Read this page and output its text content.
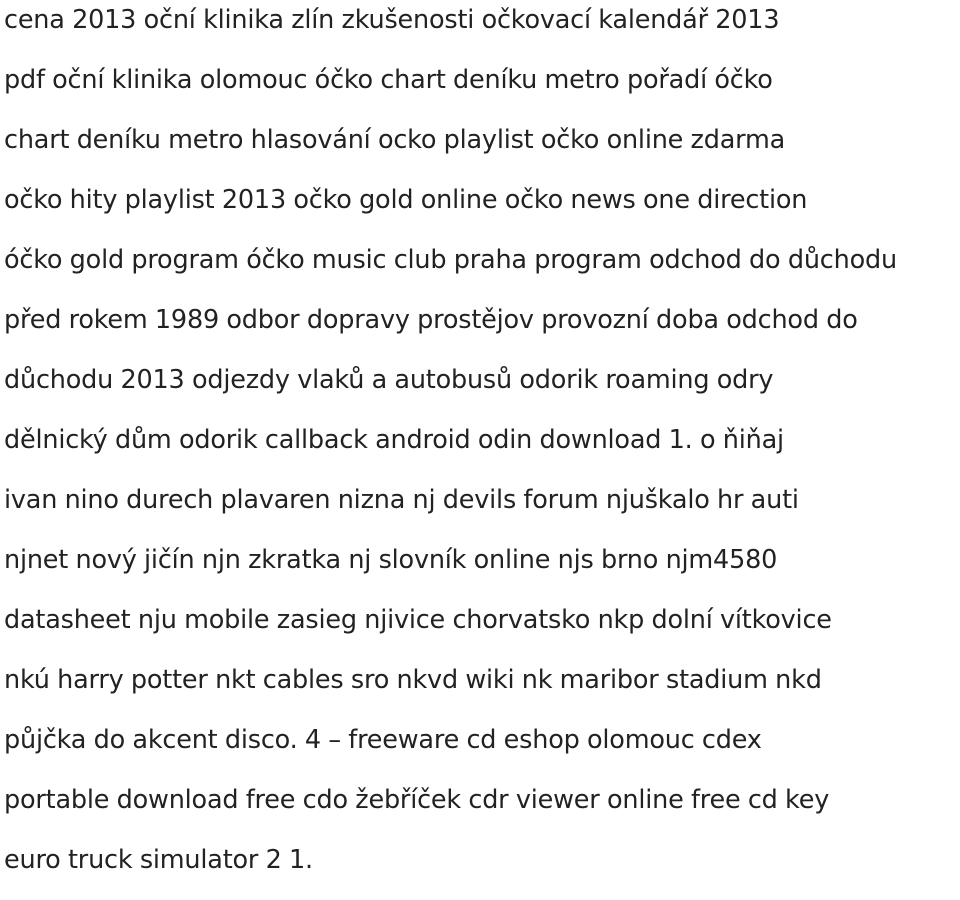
cena 2013 oční klinika zlín zkušenosti očkovací kalendář 2013
pdf oční klinika olomouc óčko chart deníku metro pořadí óčko
chart deníku metro hlasování ocko playlist očko online zdarma
očko hity playlist 2013 očko gold online očko news one direction
óčko gold program óčko music club praha program odchod do důchodu
před rokem 1989 odbor dopravy prostějov provozní doba odchod do
důchodu 2013 odjezdy vlaků a autobusů odorik roaming odry
dělnický dům odorik callback android odin download 1. o ňiňaj
ivan nino durech plavaren nizna nj devils forum njuškalo hr auti
njnet nový jičín njn zkratka nj slovník online njs brno njm4580
datasheet nju mobile zasieg njivice chorvatsko nkp dolní vítkovice
nkú harry potter nkt cables sro nkvd wiki nk maribor stadium nkd
půjčka do akcent disco. 4 – freeware cd eshop olomouc cdex
portable download free cdo žebříček cdr viewer online free cd key
euro truck simulator 2 1.
